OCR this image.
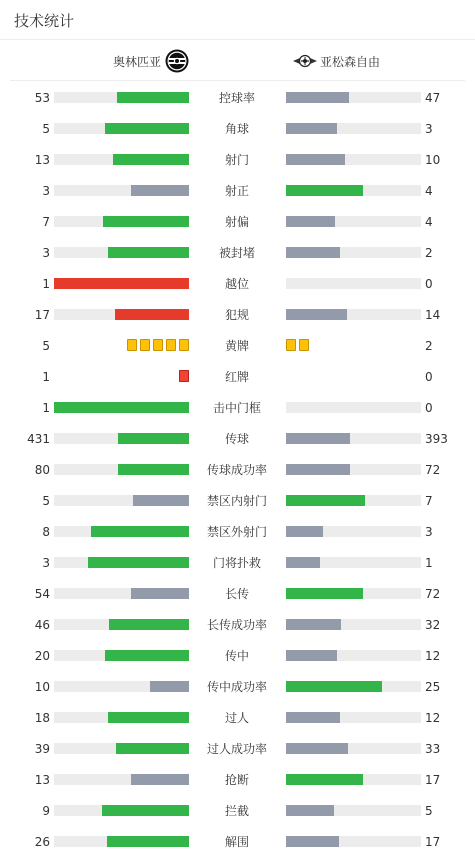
技术统计
奥林匹亚	亚松森自由
53	控球率	47
5	角球	3
13	射门	10
3	射正	4
7	射偏	4
3	被封堵	2
1	越位	0
17	犯规	14
5	黄牌	2
1	红牌	0
1	击中门框	0
431	传球	393
80	传球成功率	72
5	禁区内射门	7
8	禁区外射门	3
3	门将扑救	1
54	长传	72
46	长传成功率	32
20	传中	12
10	传中成功率	25
18	过人	12
39	过人成功率	33
13	抢断	17
9	拦截	5
26	解围	17
